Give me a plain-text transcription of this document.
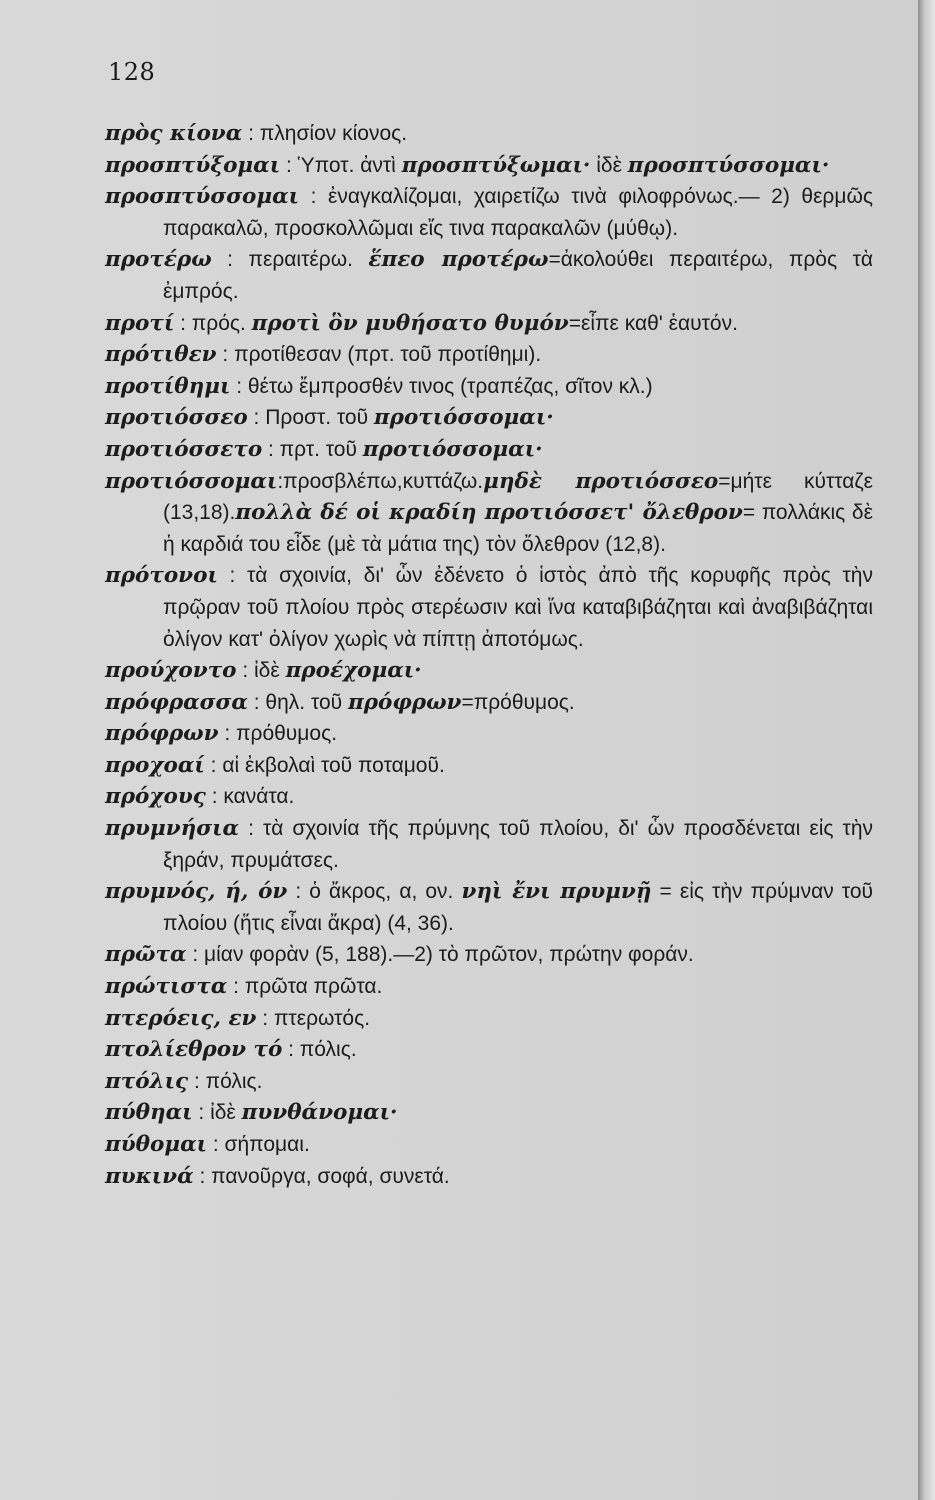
128
πρὸς κίονα : πλησίον κίονος.
προσπτύξομαι : Ὑποτ. ἀντὶ προσπτύξωμαι· ἰδὲ προσπτύσσομαι·
προσπτύσσομαι : ἐναγκαλίζομαι, χαιρετίζω τινὰ φιλοφρόνως.— 2) θερμῶς παρακαλῶ, προσκολλῶμαι εἴς τινα παρακαλῶν (μύθῳ).
προτέρω : περαιτέρω. ἕπεο προτέρω=ἀκολούθει περαιτέρω, πρὸς τὰ ἐμπρός.
προτί : πρός. προτὶ ὃν μυθήσατο θυμόν=εἶπε καθ' ἑαυτόν.
πρότιθεν : προτίθεσαν (πρτ. τοῦ προτίθημι).
προτίθημι : θέτω ἔμπροσθέν τινος (τραπέζας, σῖτον κλ.)
προτιόσσεο : Προστ. τοῦ προτιόσσομαι·
προτιόσσετο : πρτ. τοῦ προτιόσσομαι·
προτιόσσομαι:προσβλέπω,κυττάζω.μηδὲ προτιόσσεο=μήτε κύτταζε (13,18).πολλὰ δέ οἱ κραδίη προτιόσσετ' ὄλεθρον= πολλάκις δὲ ἡ καρδιά του εἶδε (μὲ τὰ μάτια της) τὸν ὄλεθρον (12,8).
πρότονοι : τὰ σχοινία, δι' ὧν ἐδένετο ὁ ἱστὸς ἀπὸ τῆς κορυφῆς πρὸς τὴν πρῷραν τοῦ πλοίου πρὸς στερέωσιν καὶ ἵνα καταβιβάζηται καὶ ἀναβιβάζηται ὀλίγον κατ' ὀλίγον χωρὶς νὰ πίπτῃ ἀποτόμως.
προύχοντο : ἰδὲ προέχομαι·
πρόφρασσα : θηλ. τοῦ πρόφρων=πρόθυμος.
πρόφρων : πρόθυμος.
προχοαί : αἱ ἐκβολαὶ τοῦ ποταμοῦ.
πρόχους : κανάτα.
πρυμνήσια : τὰ σχοινία τῆς πρύμνης τοῦ πλοίου, δι' ὧν προσδένεται εἰς τὴν ξηράν, πρυμάτσες.
πρυμνός, ή, όν : ὁ ἄκρος, α, ον. νηὶ ἔνι πρυμνῇ = εἰς τὴν πρύμναν τοῦ πλοίου (ἥτις εἶναι ἄκρα) (4, 36).
πρῶτα : μίαν φορὰν (5, 188).—2) τὸ πρῶτον, πρώτην φοράν.
πρώτιστα : πρῶτα πρῶτα.
πτερόεις, εν : πτερωτός.
πτολίεθρον τό : πόλις.
πτόλις : πόλις.
πύθηαι : ἰδὲ πυνθάνομαι·
πύθομαι : σήπομαι.
πυκινά : πανοῦργα, σοφά, συνετά.
